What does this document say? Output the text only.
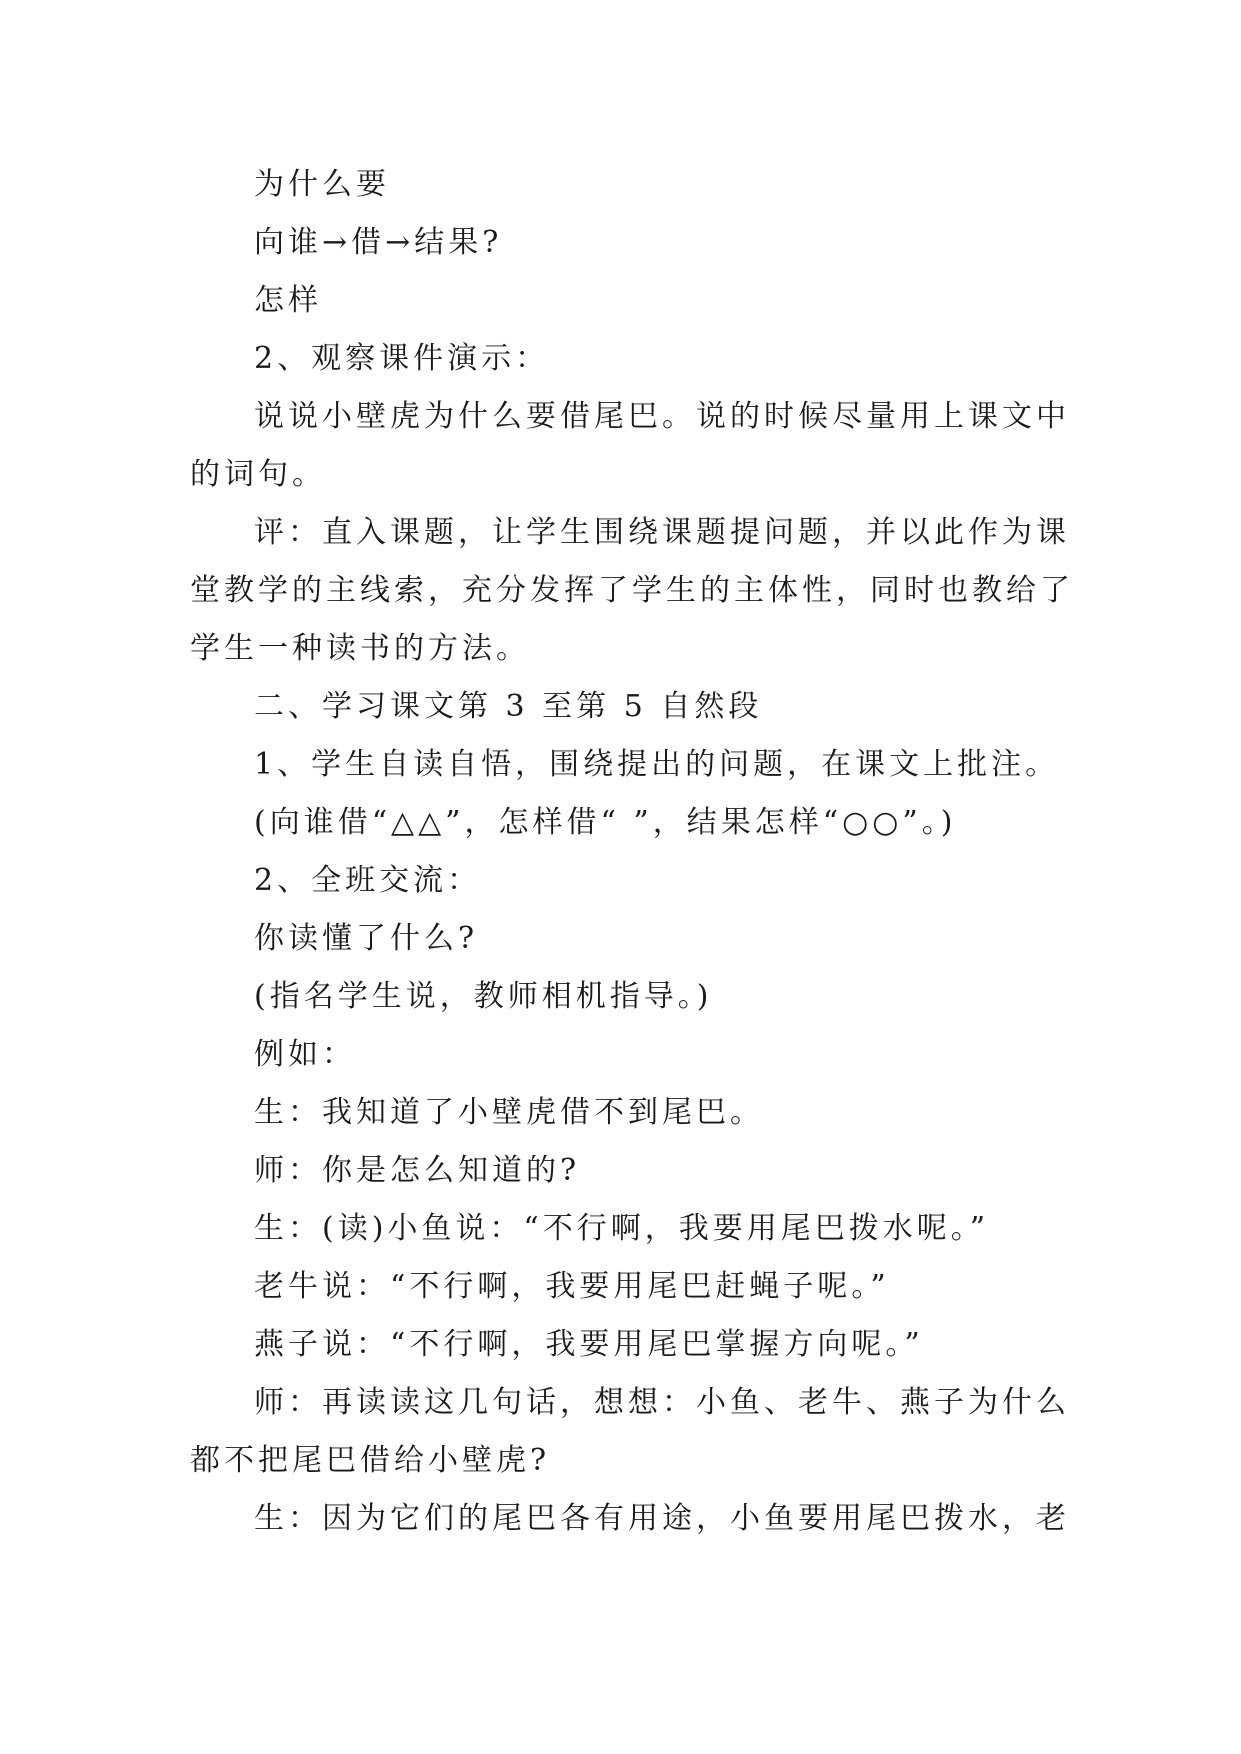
为什么要
向谁→借→结果?
怎样
2、观察课件演示：
说说小壁虎为什么要借尾巴。说的时候尽量用上课文中
的词句。
评：直入课题，让学生围绕课题提问题，并以此作为课
堂教学的主线索，充分发挥了学生的主体性，同时也教给了
学生一种读书的方法。
二、学习课文第 3 至第 5 自然段
1、学生自读自悟，围绕提出的问题，在课文上批注。
(向谁借“△△”，怎样借“ ”，结果怎样“○○”。)
2、全班交流：
你读懂了什么?
(指名学生说，教师相机指导。)
例如：
生：我知道了小壁虎借不到尾巴。
师：你是怎么知道的?
生：(读)小鱼说：“不行啊，我要用尾巴拨水呢。”
老牛说：“不行啊，我要用尾巴赶蝇子呢。”
燕子说：“不行啊，我要用尾巴掌握方向呢。”
师：再读读这几句话，想想：小鱼、老牛、燕子为什么
都不把尾巴借给小壁虎?
生：因为它们的尾巴各有用途，小鱼要用尾巴拨水，老
